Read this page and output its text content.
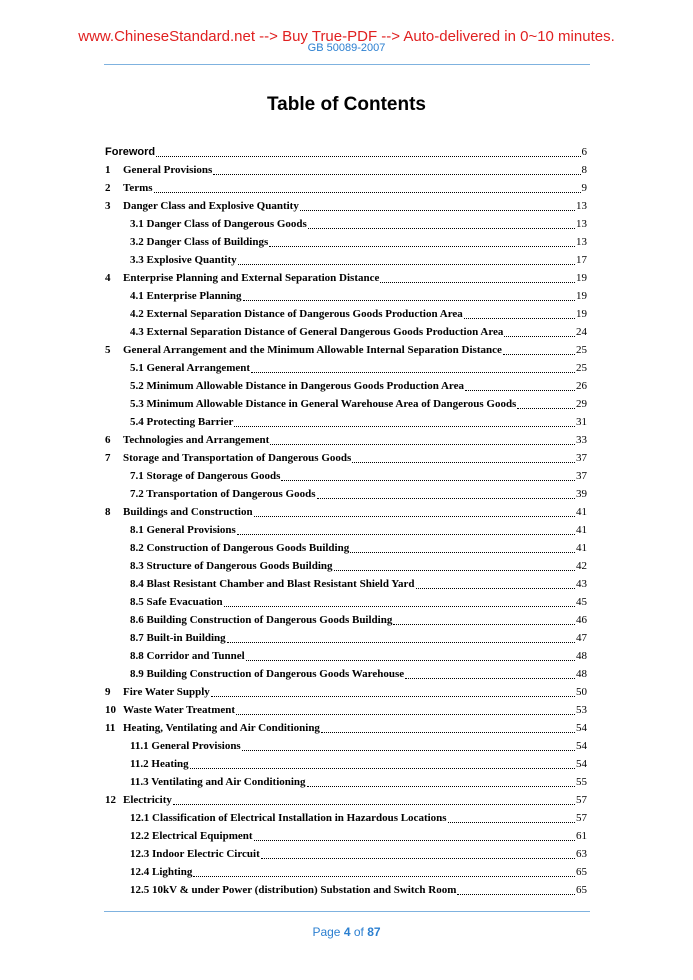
www.ChineseStandard.net --> Buy True-PDF --> Auto-delivered in 0~10 minutes.
GB 50089-2007
Table of Contents
Foreword	6
1	General Provisions	8
2	Terms	9
3	Danger Class and Explosive Quantity	13
3.1 Danger Class of Dangerous Goods	13
3.2 Danger Class of Buildings	13
3.3 Explosive Quantity	17
4	Enterprise Planning and External Separation Distance	19
4.1 Enterprise Planning	19
4.2 External Separation Distance of Dangerous Goods Production Area	19
4.3 External Separation Distance of General Dangerous Goods Production Area	24
5	General Arrangement and the Minimum Allowable Internal Separation Distance	25
5.1 General Arrangement	25
5.2 Minimum Allowable Distance in Dangerous Goods Production Area	26
5.3 Minimum Allowable Distance in General Warehouse Area of Dangerous Goods	29
5.4 Protecting Barrier	31
6	Technologies and Arrangement	33
7	Storage and Transportation of Dangerous Goods	37
7.1 Storage of Dangerous Goods	37
7.2 Transportation of Dangerous Goods	39
8	Buildings and Construction	41
8.1 General Provisions	41
8.2 Construction of Dangerous Goods Building	41
8.3 Structure of Dangerous Goods Building	42
8.4 Blast Resistant Chamber and Blast Resistant Shield Yard	43
8.5 Safe Evacuation	45
8.6 Building Construction of Dangerous Goods Building	46
8.7 Built-in Building	47
8.8 Corridor and Tunnel	48
8.9 Building Construction of Dangerous Goods Warehouse	48
9	Fire Water Supply	50
10 Waste Water Treatment	53
11 Heating, Ventilating and Air Conditioning	54
11.1 General Provisions	54
11.2 Heating	54
11.3 Ventilating and Air Conditioning	55
12 Electricity	57
12.1 Classification of Electrical Installation in Hazardous Locations	57
12.2 Electrical Equipment	61
12.3 Indoor Electric Circuit	63
12.4 Lighting	65
12.5 10kV & under Power (distribution) Substation and Switch Room	65
Page 4 of 87
